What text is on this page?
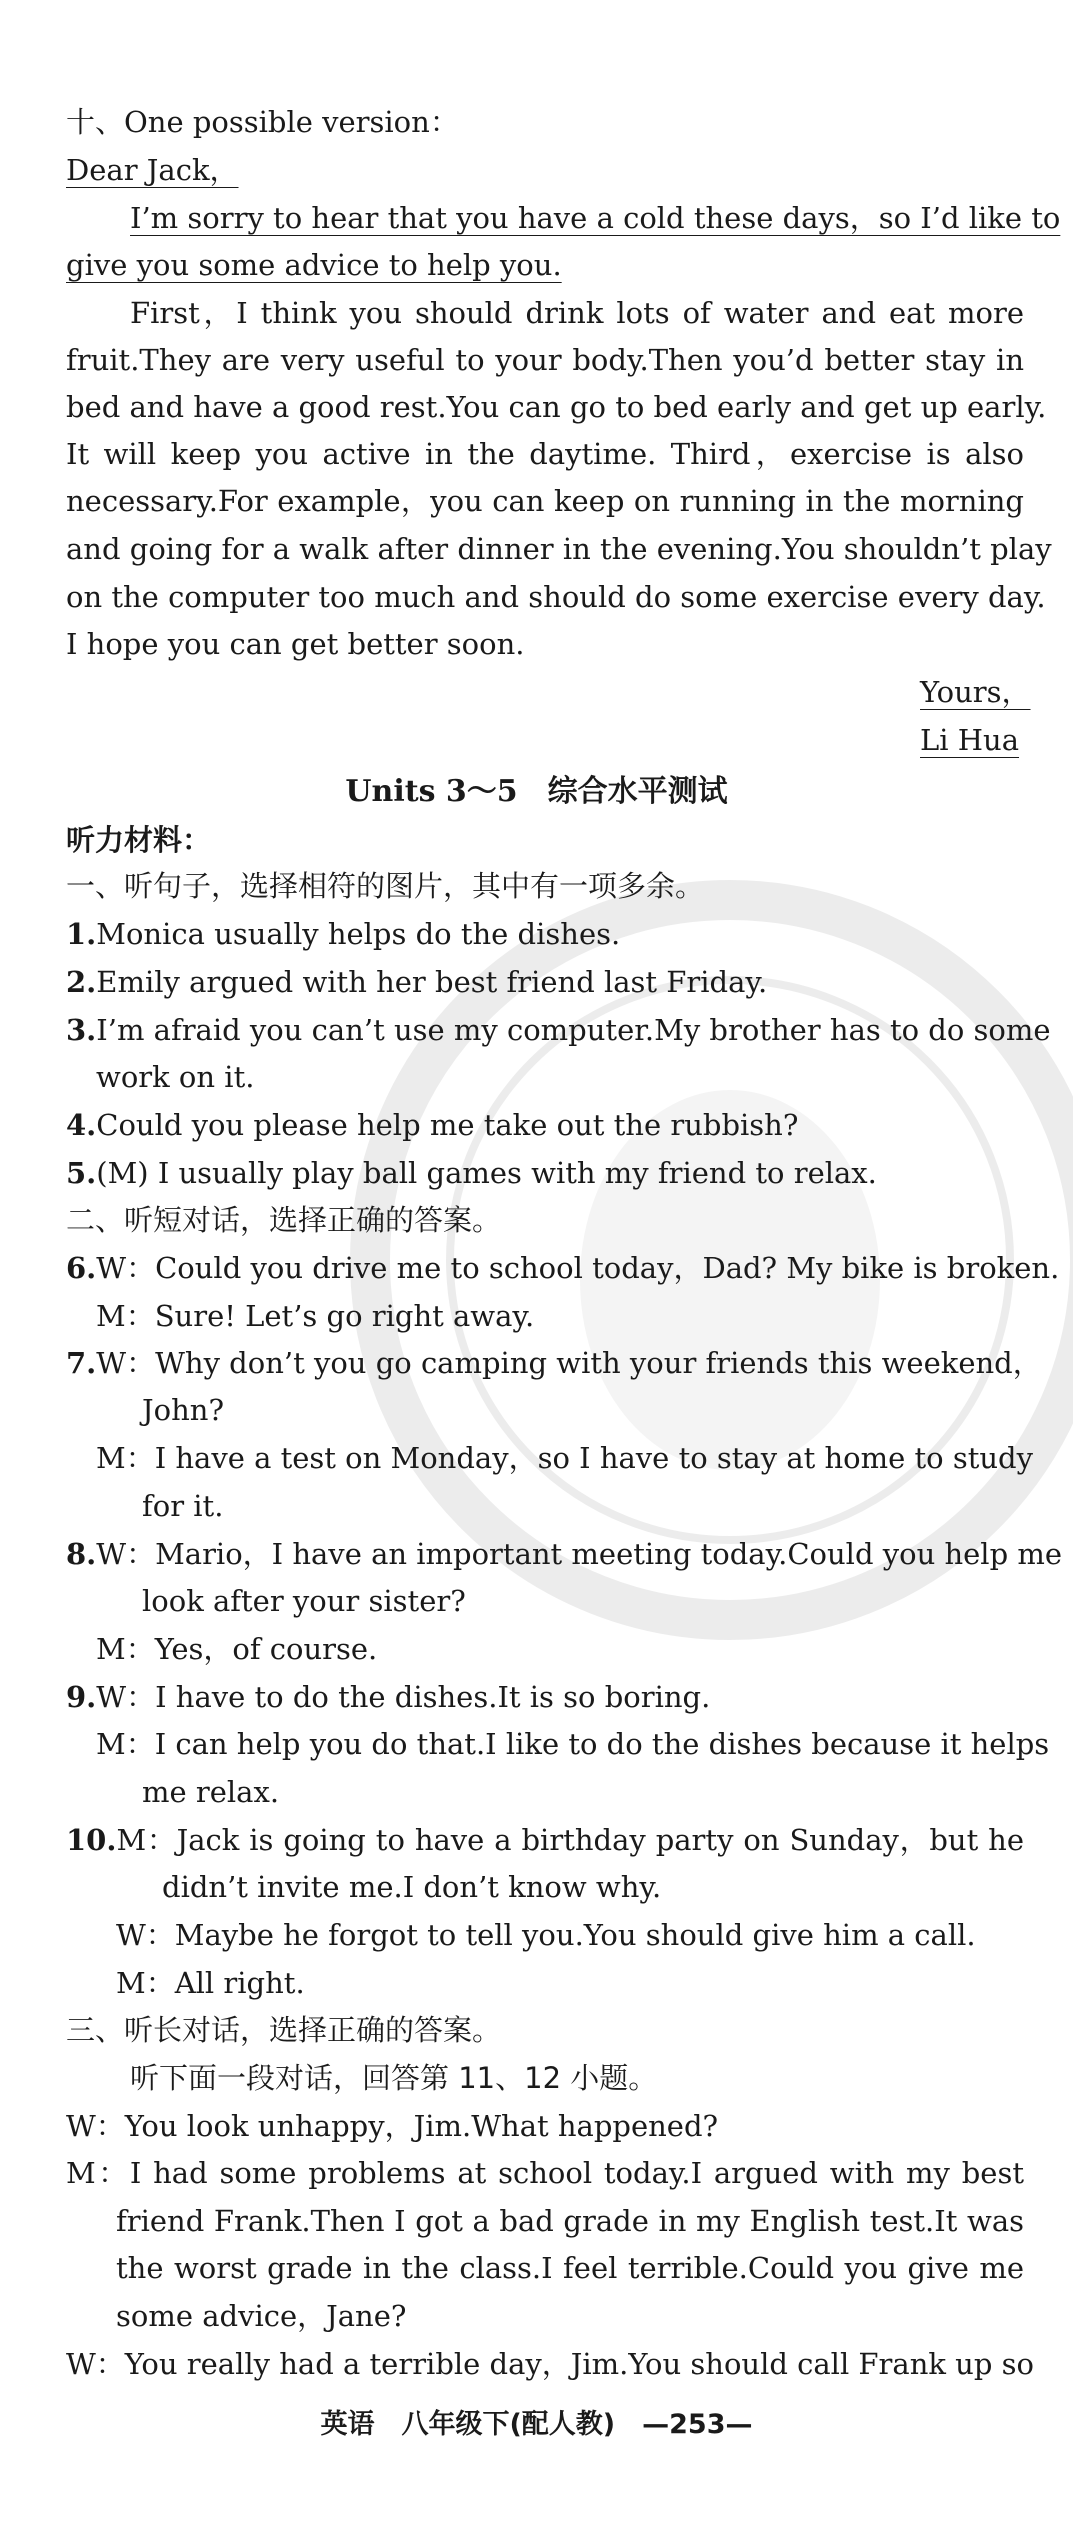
十、One possible version：
Dear Jack，
I’m sorry to hear that you have a cold these days，so I’d like to
give you some advice to help you.
First，I think you should drink lots of water and eat more
fruit.They are very useful to your body.Then you’d better stay in
bed and have a good rest.You can go to bed early and get up early.
It will keep you active in the daytime. Third，exercise is also
necessary.For example，you can keep on running in the morning
and going for a walk after dinner in the evening.You shouldn’t play
on the computer too much and should do some exercise every day.
I hope you can get better soon.
Yours，
Li Hua
Units 3～5　综合水平测试
听力材料：
一、听句子，选择相符的图片，其中有一项多余。
1.Monica usually helps do the dishes.
2.Emily argued with her best friend last Friday.
3.I’m afraid you can’t use my computer.My brother has to do some
work on it.
4.Could you please help me take out the rubbish?
5.(M) I usually play ball games with my friend to relax.
二、听短对话，选择正确的答案。
6.W：Could you drive me to school today，Dad? My bike is broken.
M：Sure! Let’s go right away.
7.W：Why don’t you go camping with your friends this weekend，
John?
M：I have a test on Monday，so I have to stay at home to study
for it.
8.W：Mario，I have an important meeting today.Could you help me
look after your sister?
M：Yes，of course.
9.W：I have to do the dishes.It is so boring.
M：I can help you do that.I like to do the dishes because it helps
me relax.
10.M：Jack is going to have a birthday party on Sunday，but he
didn’t invite me.I don’t know why.
W：Maybe he forgot to tell you.You should give him a call.
M：All right.
三、听长对话，选择正确的答案。
听下面一段对话，回答第 11、12 小题。
W：You look unhappy，Jim.What happened?
M：I had some problems at school today.I argued with my best
friend Frank.Then I got a bad grade in my English test.It was
the worst grade in the class.I feel terrible.Could you give me
some advice，Jane?
W：You really had a terrible day，Jim.You should call Frank up so
英语　八年级下(配人教)　—253—
